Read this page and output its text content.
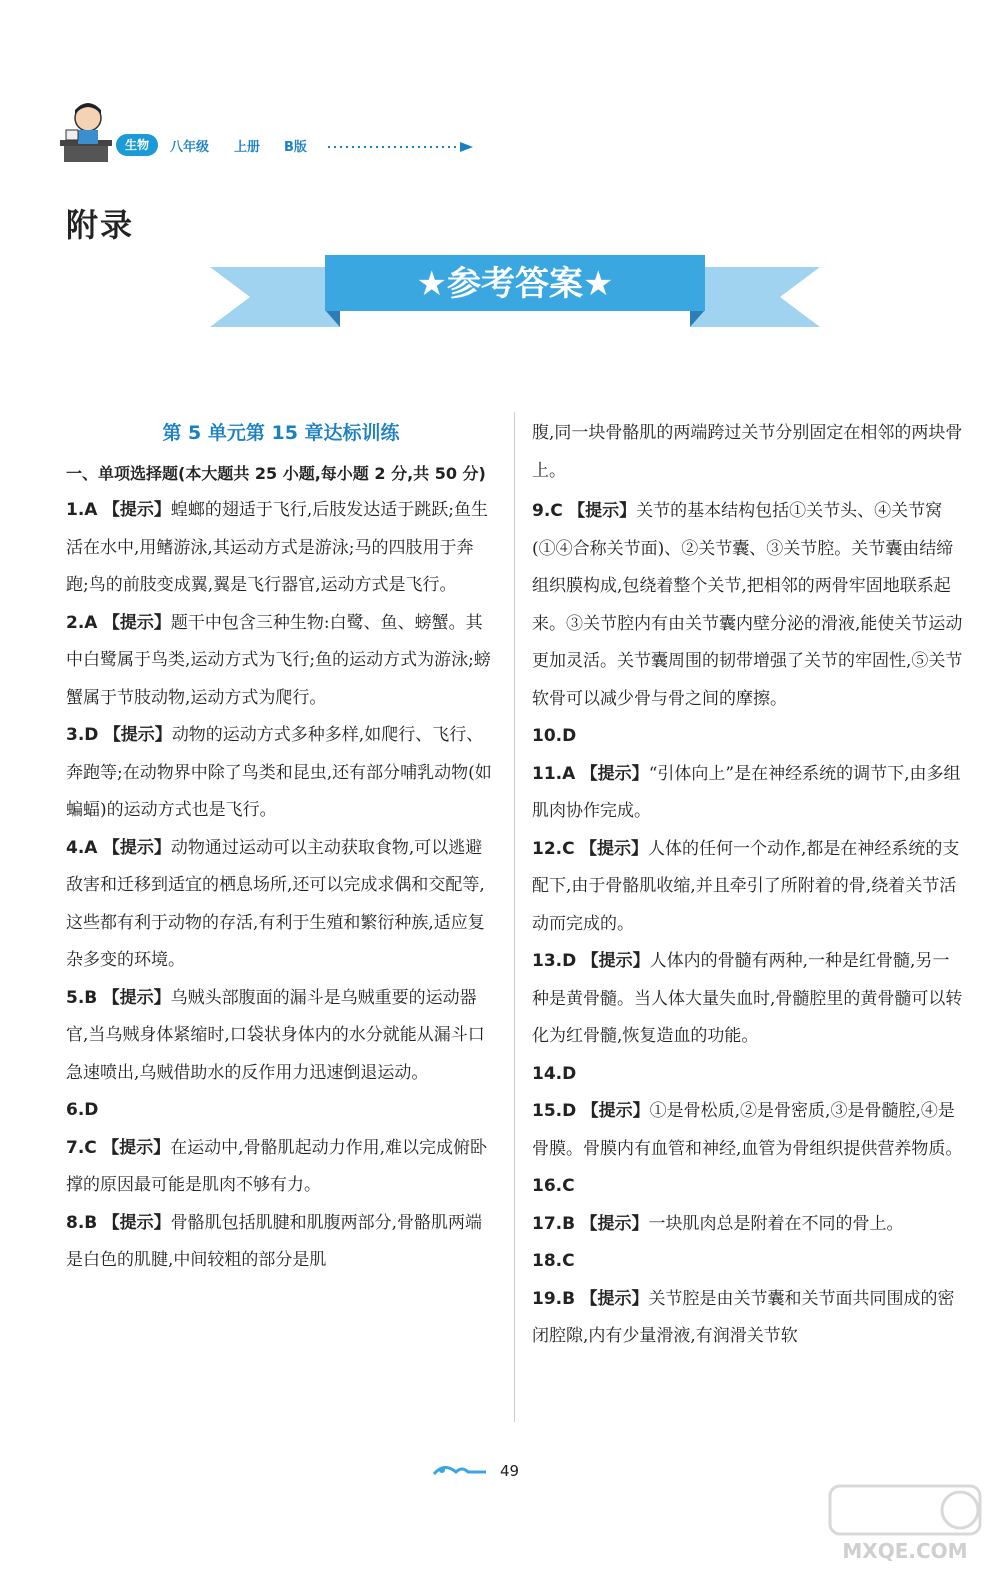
生物	八年级 上册 B版
附录
★参考答案★

第 5 单元第 15 章达标训练

一、单项选择题(本大题共 25 小题,每小题 2 分,共 50 分)

1.A 【提示】蝗螂的翅适于飞行,后肢发达适于跳跃;鱼生活在水中,用鳍游泳,其运动方式是游泳;马的四肢用于奔跑;鸟的前肢变成翼,翼是飞行器官,运动方式是飞行。

2.A 【提示】题干中包含三种生物:白鹭、鱼、螃蟹。其中白鹭属于鸟类,运动方式为飞行;鱼的运动方式为游泳;螃蟹属于节肢动物,运动方式为爬行。

3.D 【提示】动物的运动方式多种多样,如爬行、飞行、奔跑等;在动物界中除了鸟类和昆虫,还有部分哺乳动物(如蝙蝠)的运动方式也是飞行。

4.A 【提示】动物通过运动可以主动获取食物,可以逃避敌害和迁移到适宜的栖息场所,还可以完成求偶和交配等,这些都有利于动物的存活,有利于生殖和繁衍种族,适应复杂多变的环境。

5.B 【提示】乌贼头部腹面的漏斗是乌贼重要的运动器官,当乌贼身体紧缩时,口袋状身体内的水分就能从漏斗口急速喷出,乌贼借助水的反作用力迅速倒退运动。

6.D

7.C 【提示】在运动中,骨骼肌起动力作用,难以完成俯卧撑的原因最可能是肌肉不够有力。

8.B 【提示】骨骼肌包括肌腱和肌腹两部分,骨骼肌两端是白色的肌腱,中间较粗的部分是肌

腹,同一块骨骼肌的两端跨过关节分别固定在相邻的两块骨上。

9.C 【提示】关节的基本结构包括①关节头、④关节窝(①④合称关节面)、②关节囊、③关节腔。关节囊由结缔组织膜构成,包绕着整个关节,把相邻的两骨牢固地联系起来。③关节腔内有由关节囊内壁分泌的滑液,能使关节运动更加灵活。关节囊周围的韧带增强了关节的牢固性,⑤关节软骨可以减少骨与骨之间的摩擦。

10.D

11.A 【提示】“引体向上”是在神经系统的调节下,由多组肌肉协作完成。

12.C 【提示】人体的任何一个动作,都是在神经系统的支配下,由于骨骼肌收缩,并且牵引了所附着的骨,绕着关节活动而完成的。

13.D 【提示】人体内的骨髓有两种,一种是红骨髓,另一种是黄骨髓。当人体大量失血时,骨髓腔里的黄骨髓可以转化为红骨髓,恢复造血的功能。

14.D

15.D 【提示】①是骨松质,②是骨密质,③是骨髓腔,④是骨膜。骨膜内有血管和神经,血管为骨组织提供营养物质。

16.C

17.B 【提示】一块肌肉总是附着在不同的骨上。

18.C

19.B 【提示】关节腔是由关节囊和关节面共同围成的密闭腔隙,内有少量滑液,有润滑关节软

49
MXQE.COM
